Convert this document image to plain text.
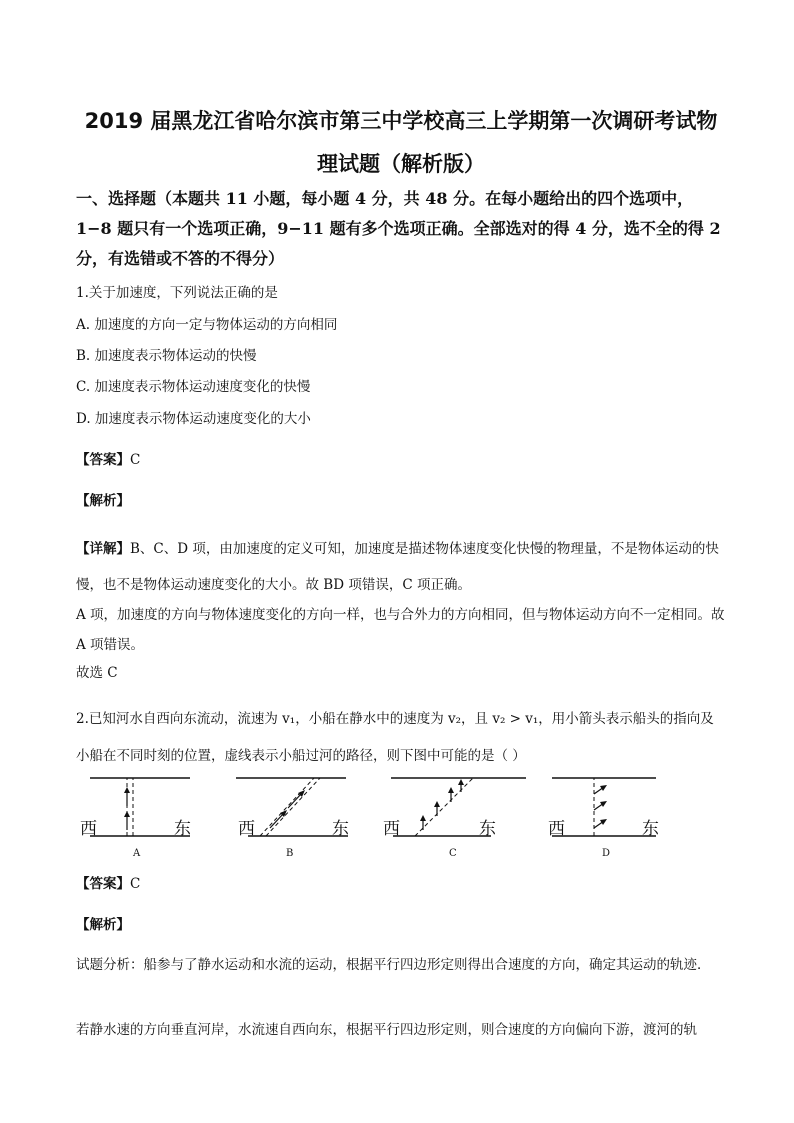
2019 届黑龙江省哈尔滨市第三中学校高三上学期第一次调研考试物
理试题（解析版）
一、选择题（本题共 11 小题，每小题 4 分，共 48 分。在每小题给出的四个选项中，1−8 题只有一个选项正确，9−11 题有多个选项正确。全部选对的得 4 分，选不全的得 2 分，有选错或不答的不得分）
1.关于加速度，下列说法正确的是
A. 加速度的方向一定与物体运动的方向相同
B. 加速度表示物体运动的快慢
C. 加速度表示物体运动速度变化的快慢
D. 加速度表示物体运动速度变化的大小
【答案】C
【解析】
【详解】B、C、D 项，由加速度的定义可知，加速度是描述物体速度变化快慢的物理量，不是物体运动的快慢，也不是物体运动速度变化的大小。故 BD 项错误，C 项正确。
A 项，加速度的方向与物体速度变化的方向一样，也与合外力的方向相同，但与物体运动方向不一定相同。故 A 项错误。
故选 C
2.已知河水自西向东流动，流速为 v₁，小船在静水中的速度为 v₂，且 v₂ > v₁，用小箭头表示船头的指向及小船在不同时刻的位置，虚线表示小船过河的路径，则下图中可能的是（ ）
西	东
A
西	东
B
西	东
C
西	东
D
【答案】C
【解析】
试题分析：船参与了静水运动和水流的运动，根据平行四边形定则得出合速度的方向，确定其运动的轨迹．
若静水速的方向垂直河岸，水流速自西向东，根据平行四边形定则，则合速度的方向偏向下游，渡河的轨
